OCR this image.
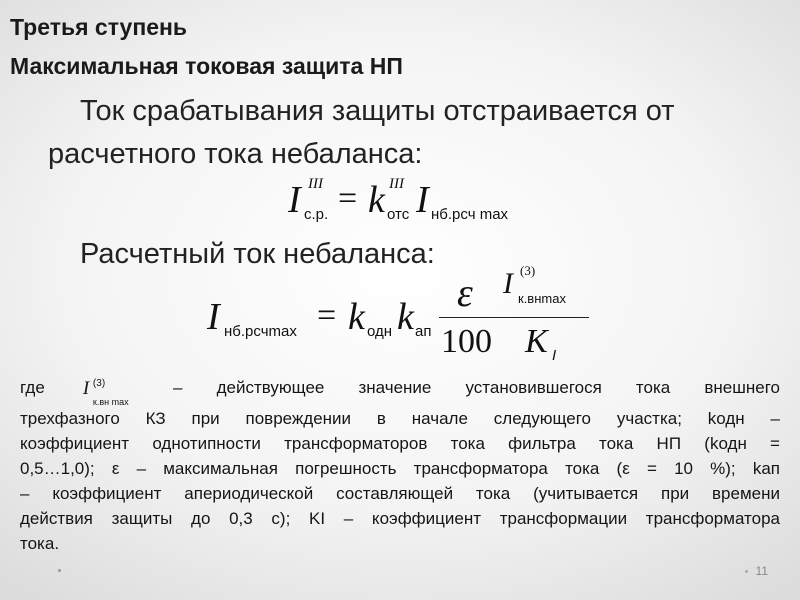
Третья ступень
Максимальная токовая защита НП
Ток срабатывания защиты отстраивается от
расчетного тока небаланса:
I III
с.р. = k III
отс I нб.рсч max
Расчетный ток небаланса:
I нб.рсчmax = k одн k ап
ε
100
I (3)
к.внmax
K I
где I (3)
к.вн max
– действующее значение установившегося тока внешнего
трехфазного КЗ при повреждении в начале следующего участка; kодн –
коэффициент однотипности трансформаторов тока фильтра тока НП (kодн =
0,5…1,0); ε – максимальная погрешность трансформатора тока (ε = 10 %); kап
– коэффициент апериодической составляющей тока (учитывается при времени
действия защиты до 0,3 с); KI – коэффициент трансформации трансформатора
тока.
11
